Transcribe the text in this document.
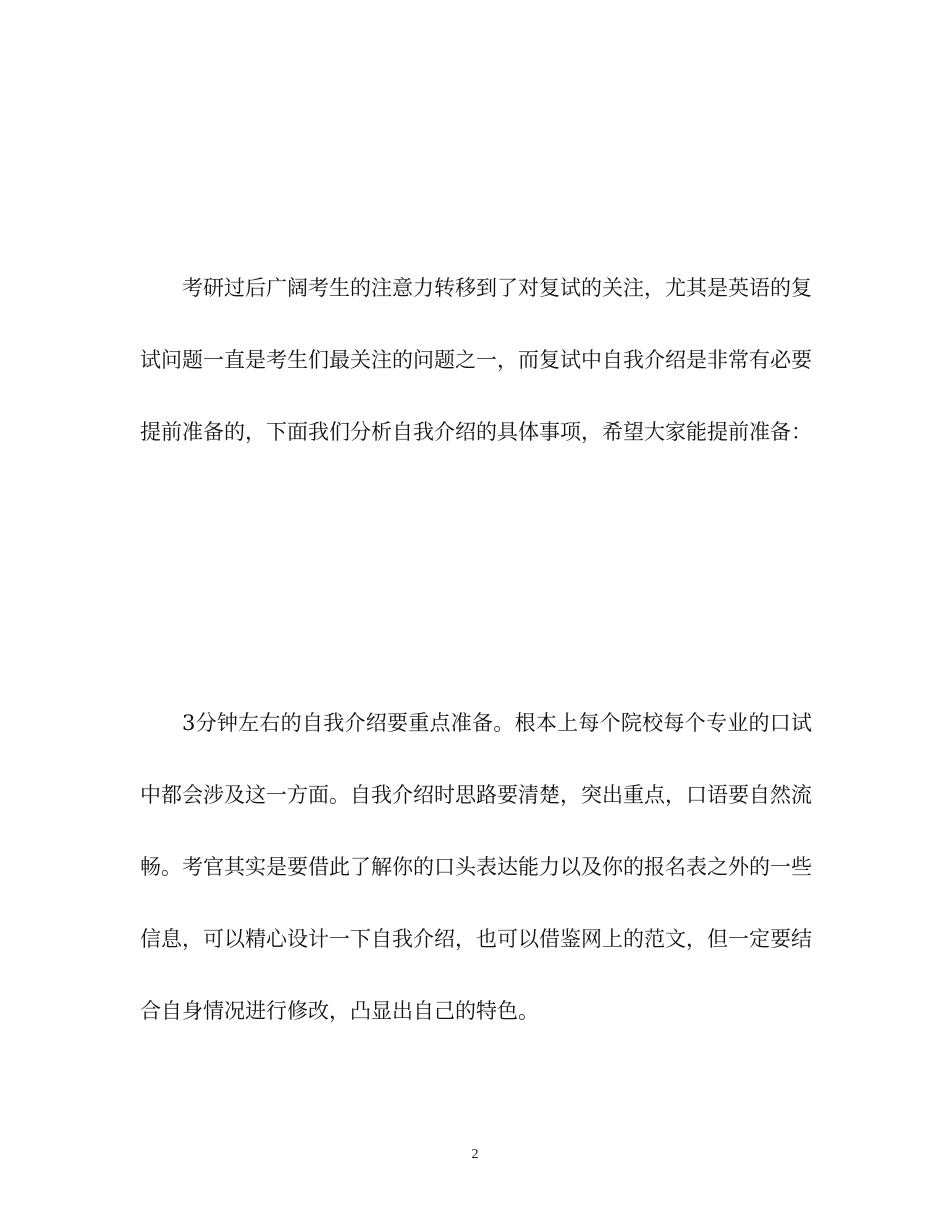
考研过后广阔考生的注意力转移到了对复试的关注，尤其是英语的复试问题一直是考生们最关注的问题之一，而复试中自我介绍是非常有必要提前准备的，下面我们分析自我介绍的具体事项，希望大家能提前准备：

3分钟左右的自我介绍要重点准备。根本上每个院校每个专业的口试中都会涉及这一方面。自我介绍时思路要清楚，突出重点，口语要自然流畅。考官其实是要借此了解你的口头表达能力以及你的报名表之外的一些信息，可以精心设计一下自我介绍，也可以借鉴网上的范文，但一定要结合自身情况进行修改，凸显出自己的特色。

2
